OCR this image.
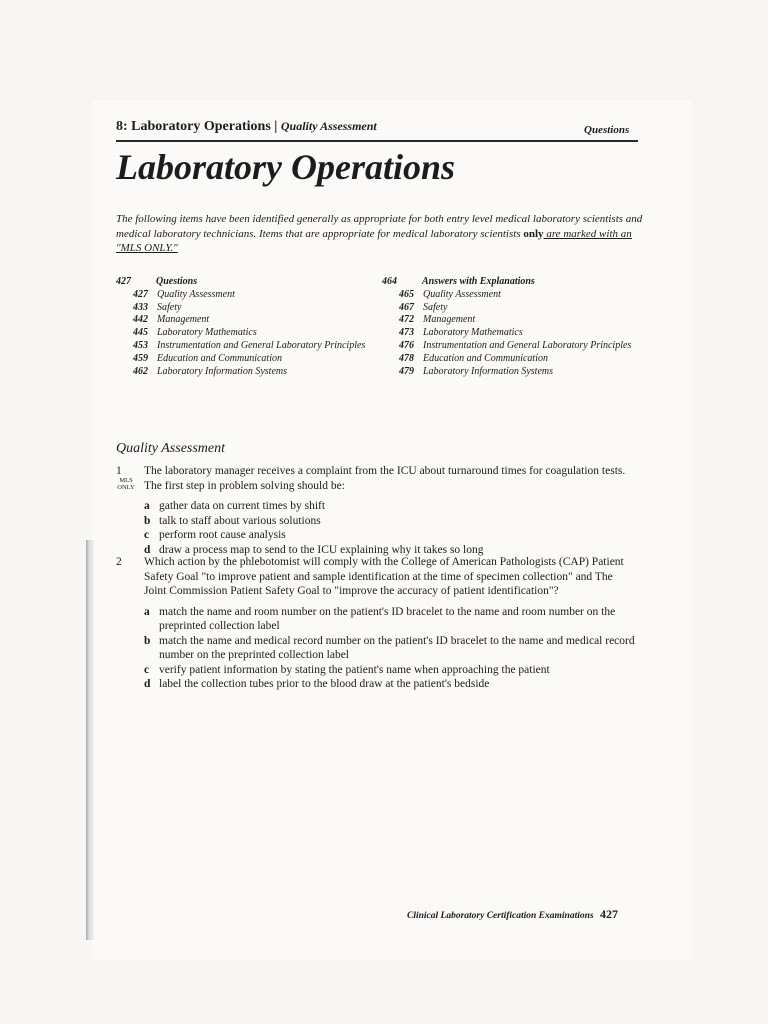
8: Laboratory Operations | Quality Assessment	Questions
Laboratory Operations
The following items have been identified generally as appropriate for both entry level medical laboratory scientists and medical laboratory technicians. Items that are appropriate for medical laboratory scientists only are marked with an "MLS ONLY."
427	Questions
427 Quality Assessment
433 Safety
442 Management
445 Laboratory Mathematics
453 Instrumentation and General Laboratory Principles
459 Education and Communication
462 Laboratory Information Systems
464	Answers with Explanations
465 Quality Assessment
467 Safety
472 Management
473 Laboratory Mathematics
476 Instrumentation and General Laboratory Principles
478 Education and Communication
479 Laboratory Information Systems
Quality Assessment
1
MLS
ONLY
The laboratory manager receives a complaint from the ICU about turnaround times for coagulation tests. The first step in problem solving should be:
a gather data on current times by shift
b talk to staff about various solutions
c perform root cause analysis
d draw a process map to send to the ICU explaining why it takes so long
2	Which action by the phlebotomist will comply with the College of American Pathologists (CAP) Patient Safety Goal "to improve patient and sample identification at the time of specimen collection" and The Joint Commission Patient Safety Goal to "improve the accuracy of patient identification"?
a match the name and room number on the patient's ID bracelet to the name and room number on the preprinted collection label
b match the name and medical record number on the patient's ID bracelet to the name and medical record number on the preprinted collection label
c verify patient information by stating the patient's name when approaching the patient
d label the collection tubes prior to the blood draw at the patient's bedside
Clinical Laboratory Certification Examinations 427
